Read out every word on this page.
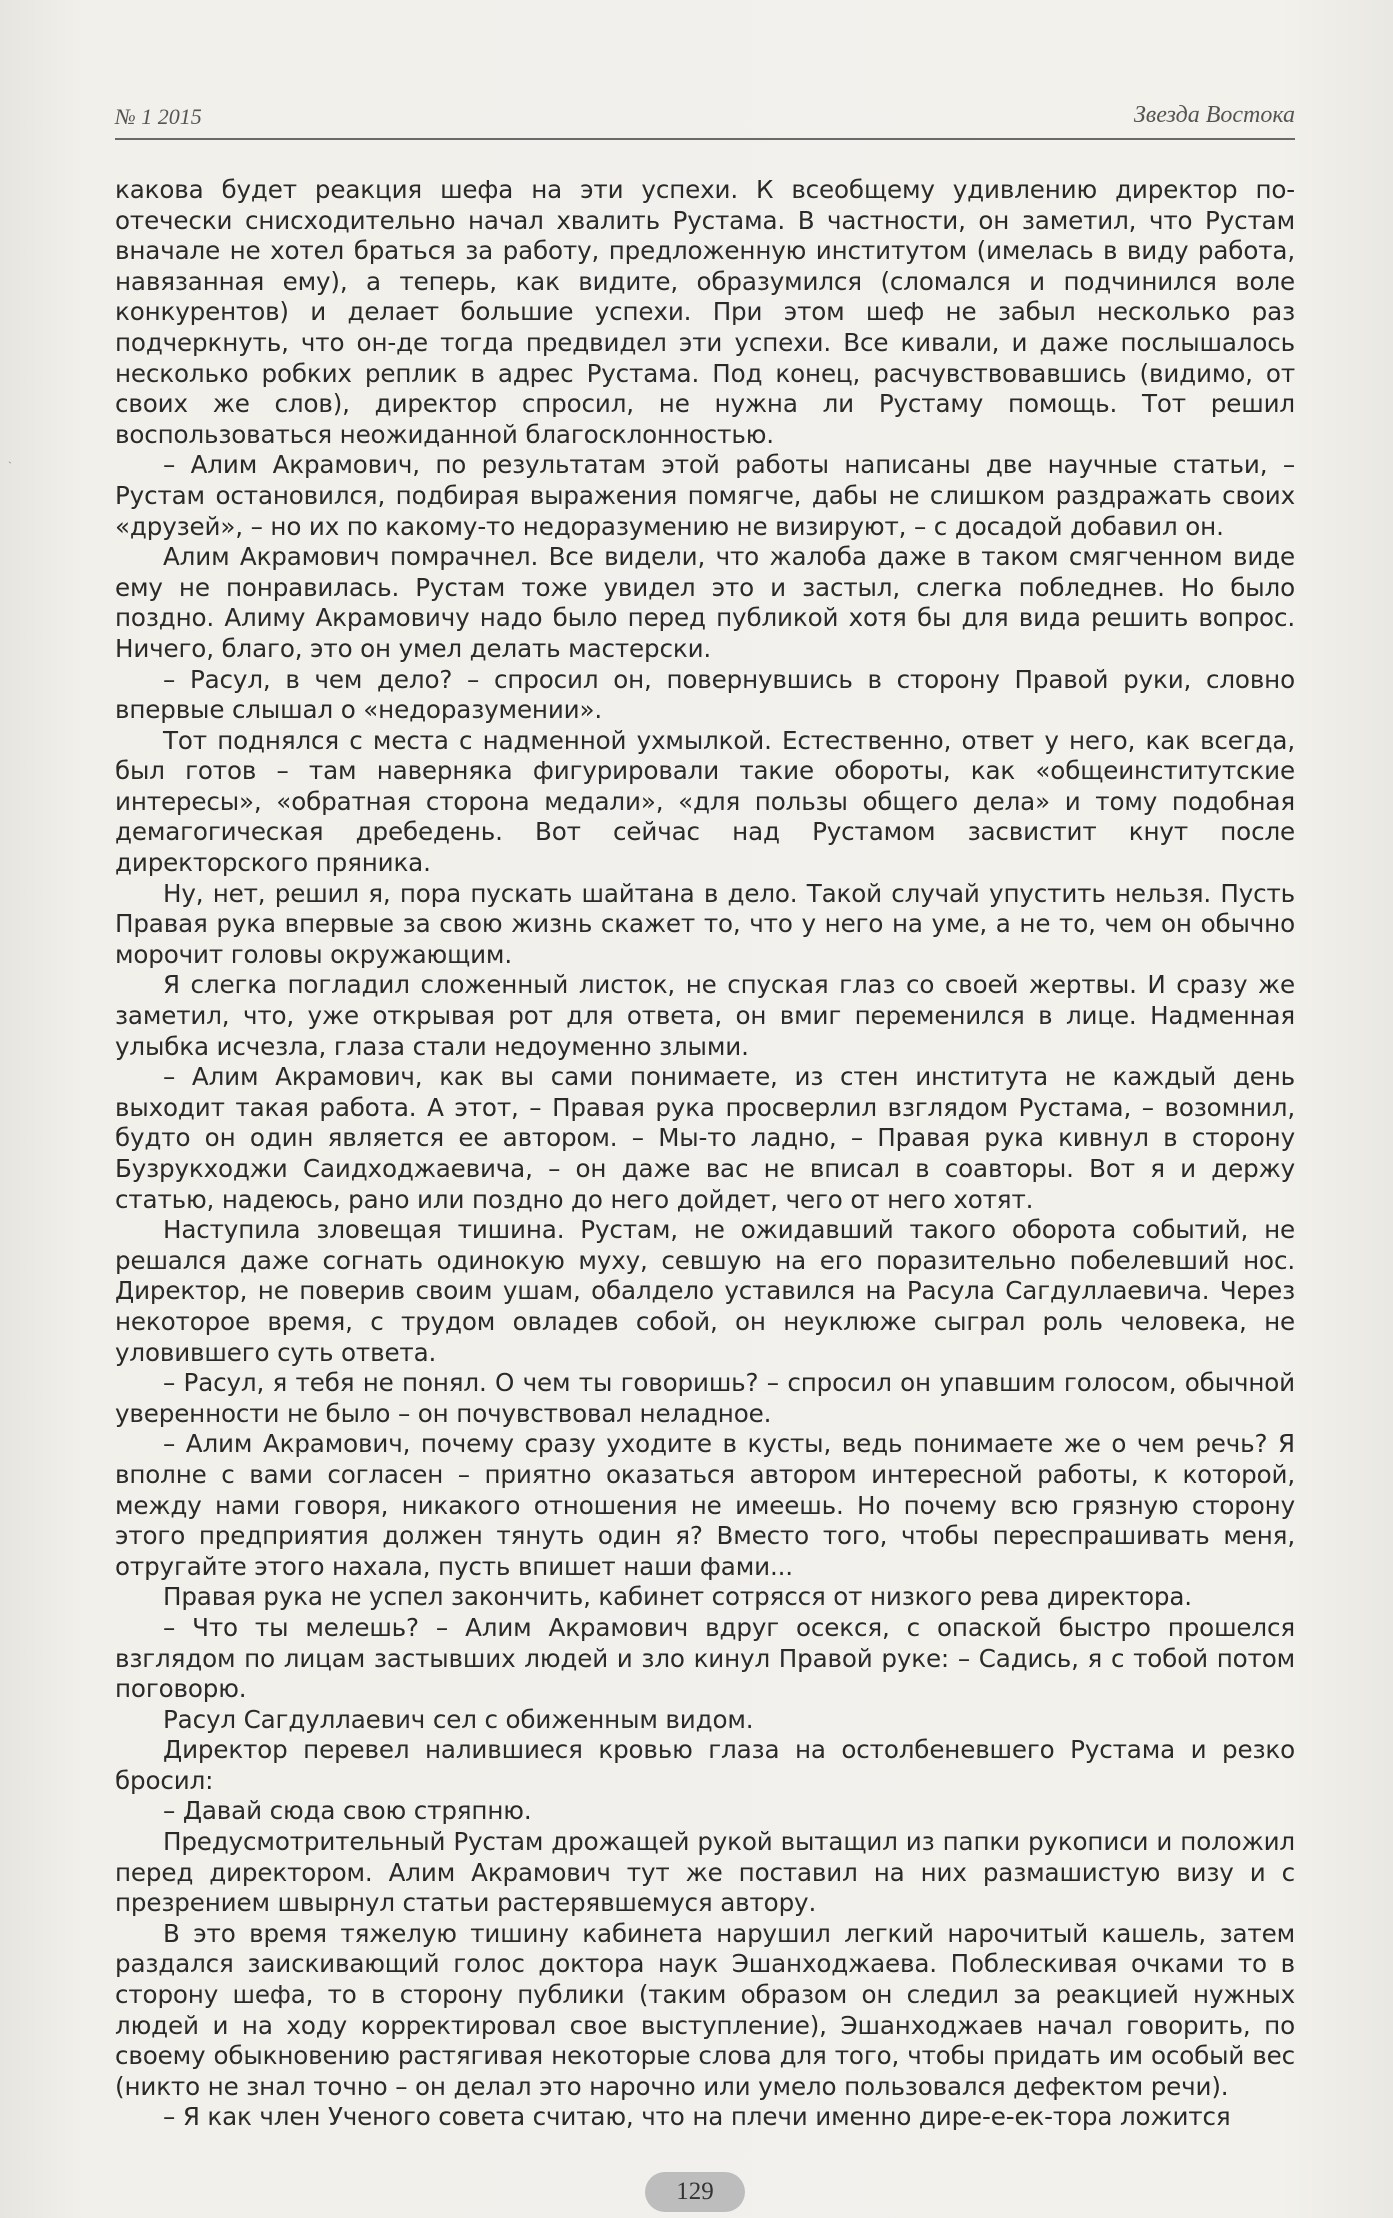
№ 1 2015	Звезда Востока
ˎ

какова будет реакция шефа на эти успехи. К всеобщему удивлению директор по-отечески снисходительно начал хвалить Рустама. В частности, он заметил, что Рустам вначале не хотел браться за работу, предложенную институтом (имелась в виду работа, навязанная ему), а теперь, как видите, образумился (сломался и подчинился воле конкурентов) и делает большие успехи. При этом шеф не забыл несколько раз подчеркнуть, что он-де тогда предвидел эти успехи. Все кивали, и даже послышалось несколько робких реплик в адрес Рустама. Под конец, расчувствовавшись (видимо, от своих же слов), директор спросил, не нужна ли Рустаму помощь. Тот решил воспользоваться неожиданной благосклонностью.

– Алим Акрамович, по результатам этой работы написаны две научные статьи, – Рустам остановился, подбирая выражения помягче, дабы не слишком раздражать своих «друзей», – но их по какому-то недоразумению не визируют, – с досадой добавил он.

Алим Акрамович помрачнел. Все видели, что жалоба даже в таком смягченном виде ему не понравилась. Рустам тоже увидел это и застыл, слегка побледнев. Но было поздно. Алиму Акрамовичу надо было перед публикой хотя бы для вида решить вопрос. Ничего, благо, это он умел делать мастерски.

– Расул, в чем дело? – спросил он, повернувшись в сторону Правой руки, словно впервые слышал о «недоразумении».

Тот поднялся с места с надменной ухмылкой. Естественно, ответ у него, как всегда, был готов – там наверняка фигурировали такие обороты, как «общеинститутские интересы», «обратная сторона медали», «для пользы общего дела» и тому подобная демагогическая дребедень. Вот сейчас над Рустамом засвистит кнут после директорского пряника.

Ну, нет, решил я, пора пускать шайтана в дело. Такой случай упустить нельзя. Пусть Правая рука впервые за свою жизнь скажет то, что у него на уме, а не то, чем он обычно морочит головы окружающим.

Я слегка погладил сложенный листок, не спуская глаз со своей жертвы. И сразу же заметил, что, уже открывая рот для ответа, он вмиг переменился в лице. Надменная улыбка исчезла, глаза стали недоуменно злыми.

– Алим Акрамович, как вы сами понимаете, из стен института не каждый день выходит такая работа. А этот, – Правая рука просверлил взглядом Рустама, – возомнил, будто он один является ее автором. – Мы-то ладно, – Правая рука кивнул в сторону Бузрукходжи Саидходжаевича, – он даже вас не вписал в соавторы. Вот я и держу статью, надеюсь, рано или поздно до него дойдет, чего от него хотят.

Наступила зловещая тишина. Рустам, не ожидавший такого оборота событий, не решался даже согнать одинокую муху, севшую на его поразительно побелевший нос. Директор, не поверив своим ушам, обалдело уставился на Расула Сагдуллаевича. Через некоторое время, с трудом овладев собой, он неуклюже сыграл роль человека, не уловившего суть ответа.

– Расул, я тебя не понял. О чем ты говоришь? – спросил он упавшим голосом, обычной уверенности не было – он почувствовал неладное.

– Алим Акрамович, почему сразу уходите в кусты, ведь понимаете же о чем речь? Я вполне с вами согласен – приятно оказаться автором интересной работы, к которой, между нами говоря, никакого отношения не имеешь. Но почему всю грязную сторону этого предприятия должен тянуть один я? Вместо того, чтобы переспрашивать меня, отругайте этого нахала, пусть впишет наши фами...

Правая рука не успел закончить, кабинет сотрясся от низкого рева директора.

– Что ты мелешь? – Алим Акрамович вдруг осекся, с опаской быстро прошелся взглядом по лицам застывших людей и зло кинул Правой руке: – Садись, я с тобой потом поговорю.

Расул Сагдуллаевич сел с обиженным видом.

Директор перевел налившиеся кровью глаза на остолбеневшего Рустама и резко бросил:

– Давай сюда свою стряпню.

Предусмотрительный Рустам дрожащей рукой вытащил из папки рукописи и положил перед директором. Алим Акрамович тут же поставил на них размашистую визу и с презрением швырнул статьи растерявшемуся автору.

В это время тяжелую тишину кабинета нарушил легкий нарочитый кашель, затем раздался заискивающий голос доктора наук Эшанходжаева. Поблескивая очками то в сторону шефа, то в сторону публики (таким образом он следил за реакцией нужных людей и на ходу корректировал свое выступление), Эшанходжаев начал говорить, по своему обыкновению растягивая некоторые слова для того, чтобы придать им особый вес (никто не знал точно – он делал это нарочно или умело пользовался дефектом речи).

– Я как член Ученого совета считаю, что на плечи именно дире-е-ек-тора ложится

129
